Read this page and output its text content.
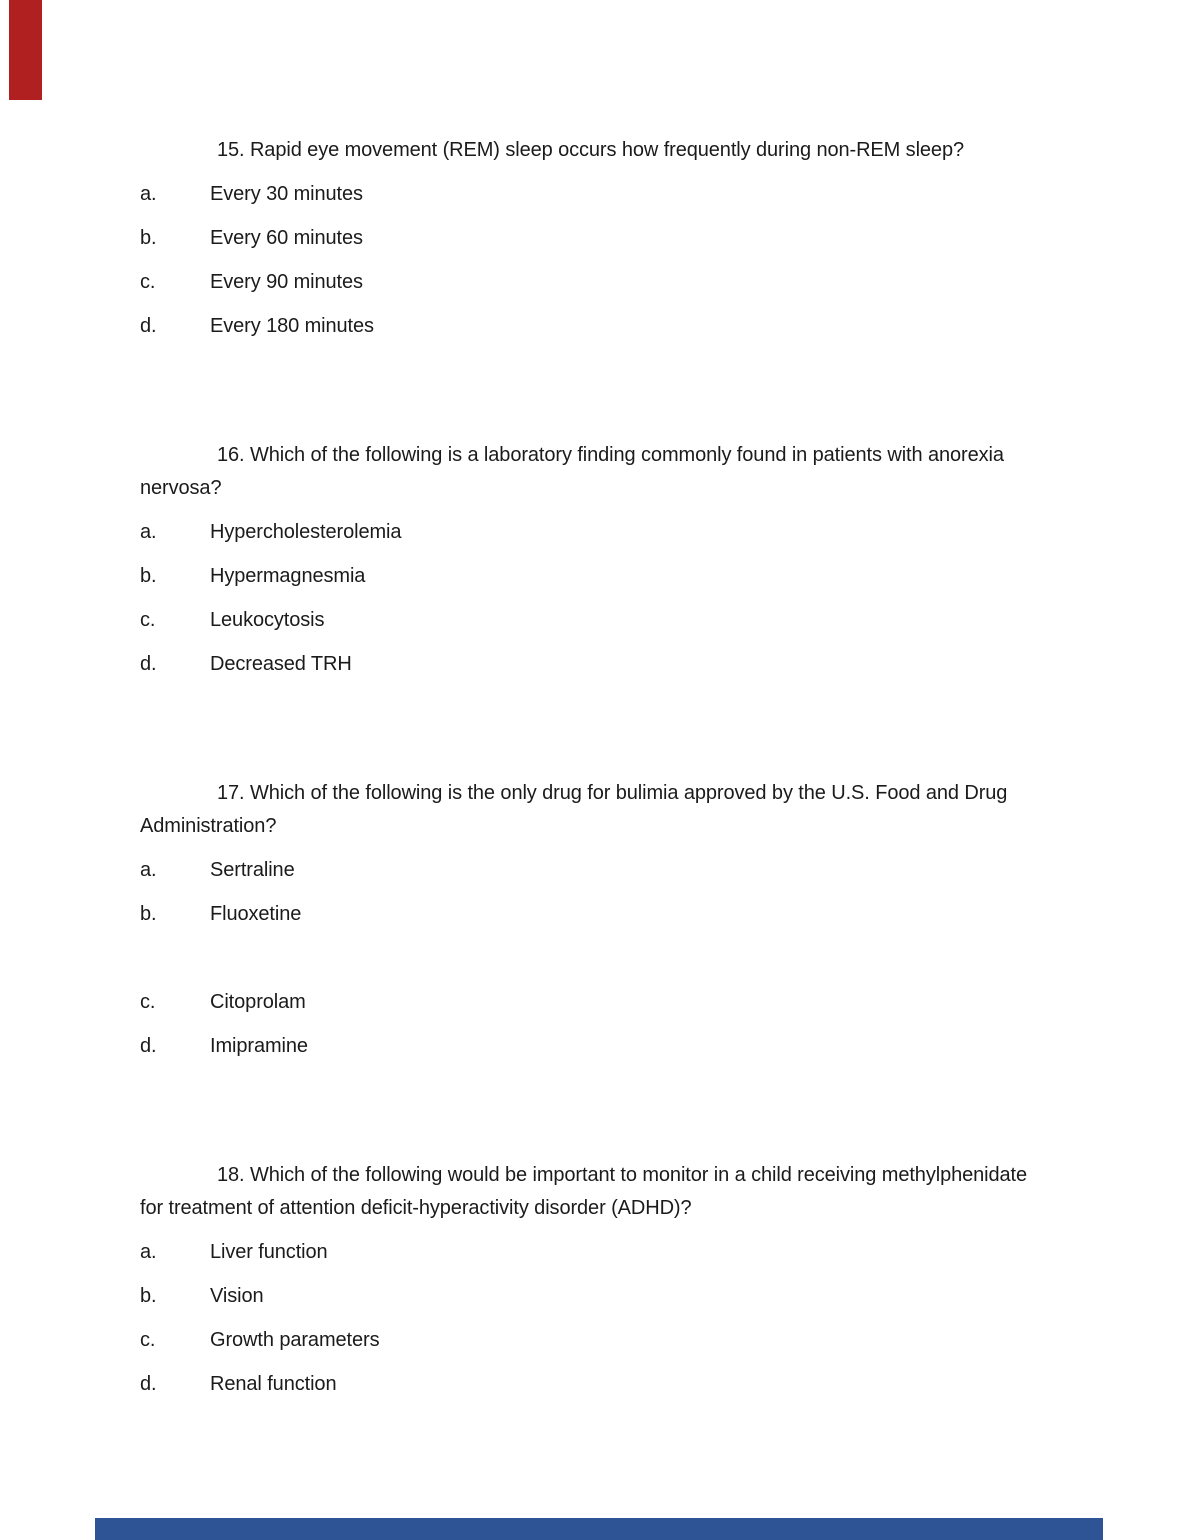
15. Rapid eye movement (REM) sleep occurs how frequently during non-REM sleep?
a.	Every 30 minutes
b.	Every 60 minutes
c.	Every 90 minutes
d.	Every 180 minutes
16. Which of the following is a laboratory finding commonly found in patients with anorexia
nervosa?
a.	Hypercholesterolemia
b.	Hypermagnesmia
c.	Leukocytosis
d.	Decreased TRH
17. Which of the following is the only drug for bulimia approved by the U.S. Food and Drug
Administration?
a.	Sertraline
b.	Fluoxetine
c.	Citoprolam
d.	Imipramine
18. Which of the following would be important to monitor in a child receiving methylphenidate
for treatment of attention deficit-hyperactivity disorder (ADHD)?
a.	Liver function
b.	Vision
c.	Growth parameters
d.	Renal function
